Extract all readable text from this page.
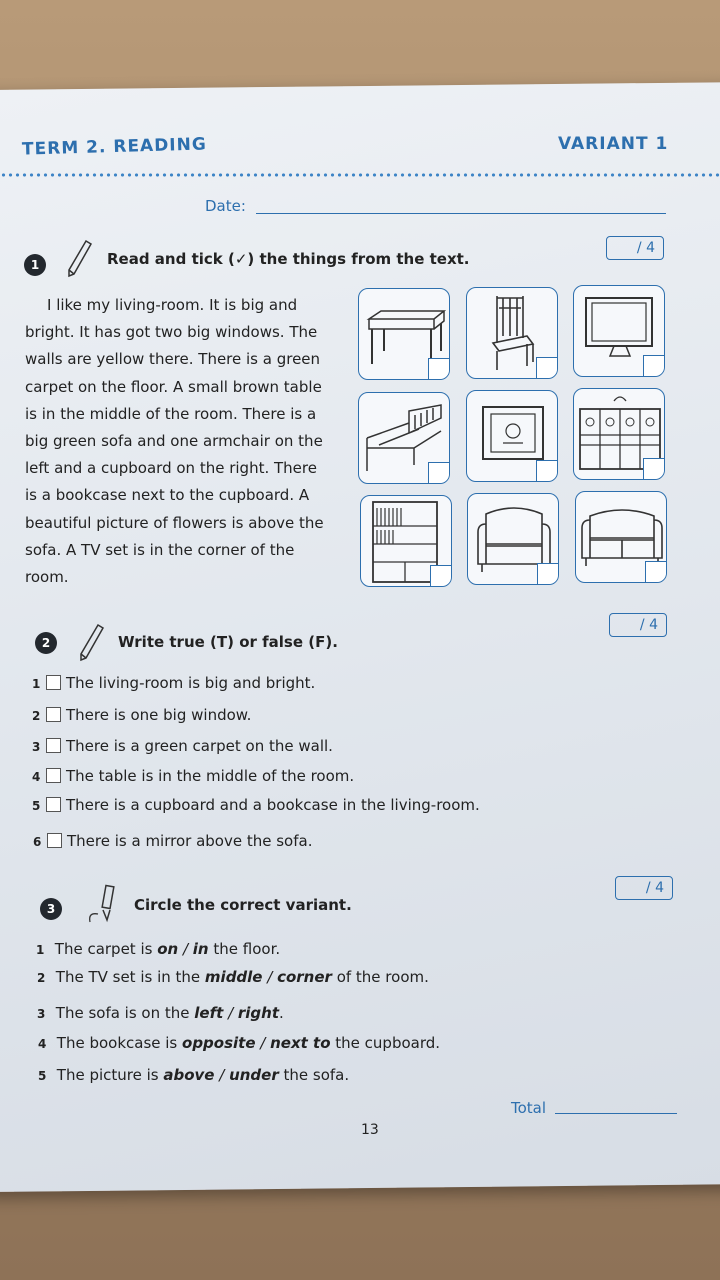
TERM 2. READING	VARIANT 1
Date:
1	Read and tick (✓) the things from the text.
/ 4

I like my living-room. It is big and bright. It has got two big windows. The walls are yellow there. There is a green carpet on the floor. A small brown table is in the middle of the room. There is a big green sofa and one armchair on the left and a cupboard on the right. There is a bookcase next to the cupboard. A beautiful picture of flowers is above the sofa. A TV set is in the corner of the room.

2	Write true (T) or false (F).
/ 4
1 The living-room is big and bright.
2 There is one big window.
3 There is a green carpet on the wall.
4 The table is in the middle of the room.
5 There is a cupboard and a bookcase in the living-room.
6 There is a mirror above the sofa.
3	Circle the correct variant.
/ 4
1 The carpet is on / in the floor.
2 The TV set is in the middle / corner of the room.
3 The sofa is on the left / right.
4 The bookcase is opposite / next to the cupboard.
5 The picture is above / under the sofa.
Total
13
